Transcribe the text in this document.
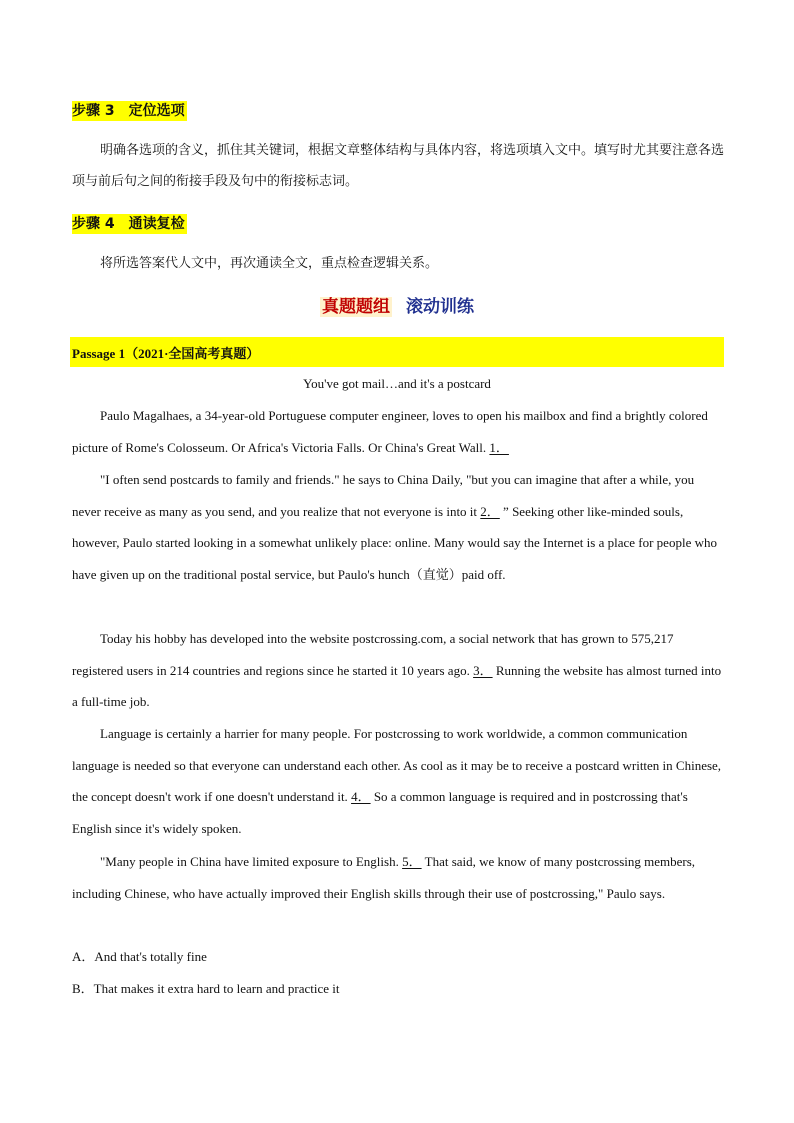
步骤 3　定位选项
明确各选项的含义，抓住其关键词，根据文章整体结构与具体内容，将选项填入文中。填写时尤其要注意各选项与前后句之间的衔接手段及句中的衔接标志词。
步骤 4　通读复检
将所选答案代人文中，再次通读全文，重点检查逻辑关系。
真题题组 滚动训练
Passage 1（2021·全国高考真题）
You've got mail…and it's a postcard
Paulo Magalhaes, a 34-year-old Portuguese computer engineer, loves to open his mailbox and find a brightly colored picture of Rome's Colosseum. Or Africa's Victoria Falls. Or China's Great Wall. 1．
"I often send postcards to family and friends." he says to China Daily, "but you can imagine that after a while, you never receive as many as you send, and you realize that not everyone is into it 2． ” Seeking other like-minded souls, however, Paulo started looking in a somewhat unlikely place: online. Many would say the Internet is a place for people who have given up on the traditional postal service, but Paulo's hunch（直觉）paid off.
Today his hobby has developed into the website postcrossing.com, a social network that has grown to 575,217 registered users in 214 countries and regions since he started it 10 years ago. 3． Running the website has almost turned into a full-time job.
Language is certainly a harrier for many people. For postcrossing to work worldwide, a common communication language is needed so that everyone can understand each other. As cool as it may be to receive a postcard written in Chinese, the concept doesn't work if one doesn't understand it. 4． So a common language is required and in postcrossing that's English since it's widely spoken.
"Many people in China have limited exposure to English. 5． That said, we know of many postcrossing members, including Chinese, who have actually improved their English skills through their use of postcrossing," Paulo says.
A．And that's totally fine
B．That makes it extra hard to learn and practice it
